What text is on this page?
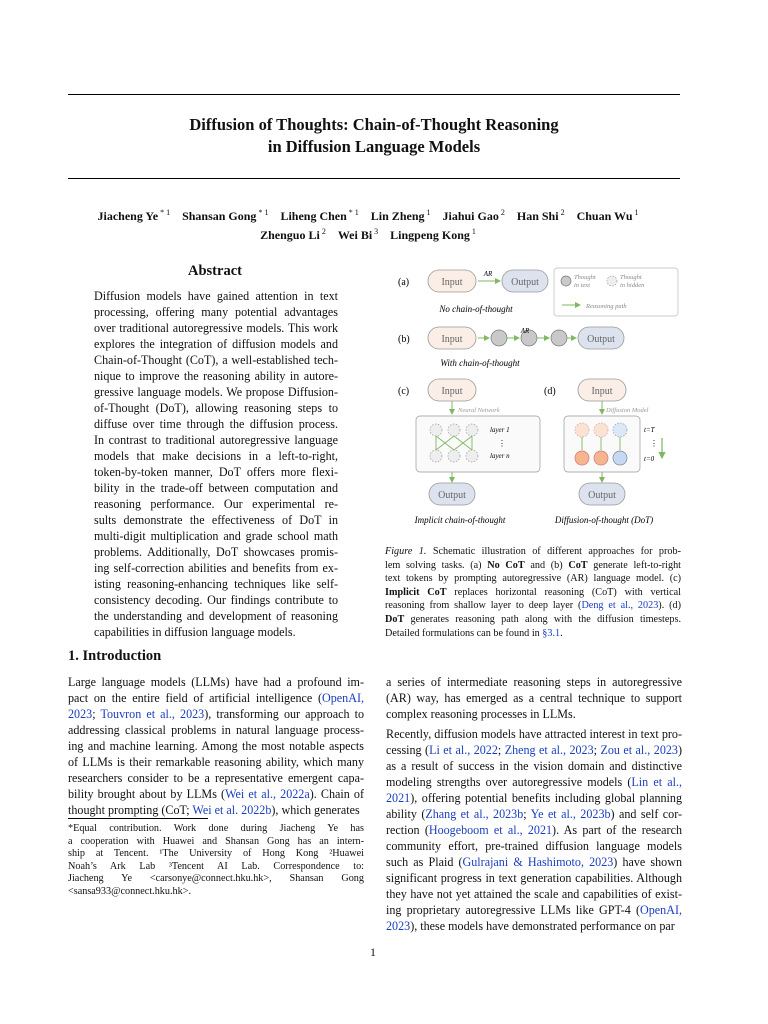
Diffusion of Thoughts: Chain-of-Thought Reasoning
in Diffusion Language Models
Jiacheng Ye $^{* 1}$  Shansan Gong $^{* 1}$  Liheng Chen $^{* 1}$  Lin Zheng $^1$  Jiahui Gao $^2$  Han Shi $^2$  Chuan Wu $^1$ 
Zhenguo Li $^2$  Wei Bi $^3$  Lingpeng Kong $^1$ 
Abstract
Diffusion models have gained attention in text
processing, offering many potential advantages
over traditional autoregressive models. This work
explores the integration of diffusion models and
Chain-of-Thought (CoT), a well-established tech-
nique to improve the reasoning ability in autore-
gressive language models. We propose Diffusion-
of-Thought (DoT), allowing reasoning steps to
diffuse over time through the diffusion process.
In contrast to traditional autoregressive language
models that make decisions in a left-to-right,
token-by-token manner, DoT offers more flexi-
bility in the trade-off between computation and
reasoning performance. Our experimental re-
sults demonstrate the effectiveness of DoT in
multi-digit multiplication and grade school math
problems. Additionally, DoT showcases promis-
ing self-correction abilities and benefits from ex-
isting reasoning-enhancing techniques like self-
consistency decoding. Our findings contribute to
the understanding and development of reasoning
capabilities in diffusion language models.
(a)	Input
AR
Output
No chain-of-thought
Thought
in text
Thought
in hidden
Reasoning path
(b)	Input
AR
Output
With chain-of-thought
(c)	Input
Neural Network
layer 1
⋮
layer n
Output
Implicit chain-of-thought
(d)	Input
Diffusion Model
t=T
⋮
t=0
Output
Diffusion-of-thought (DoT)
Figure 1. Schematic illustration of different approaches for prob-
lem solving tasks. (a) No CoT and (b) CoT generate left-to-right
text tokens by prompting autoregressive (AR) language model. (c)
Implicit CoT replaces horizontal reasoning (CoT) with vertical
reasoning from shallow layer to deep layer (Deng et al., 2023). (d)
DoT generates reasoning path along with the diffusion timesteps.
Detailed formulations can be found in §3.1.
1. Introduction
Large language models (LLMs) have had a profound im-
pact on the entire field of artificial intelligence (OpenAI,
2023; Touvron et al., 2023), transforming our approach to
addressing classical problems in natural language process-
ing and machine learning. Among the most notable aspects
of LLMs is their remarkable reasoning ability, which many
researchers consider to be a representative emergent capa-
bility brought about by LLMs (Wei et al., 2022a). Chain of
thought prompting (CoT; Wei et al. 2022b), which generates
a series of intermediate reasoning steps in autoregressive
(AR) way, has emerged as a central technique to support
complex reasoning processes in LLMs.
Recently, diffusion models have attracted interest in text pro-
cessing (Li et al., 2022; Zheng et al., 2023; Zou et al., 2023)
as a result of success in the vision domain and distinctive
modeling strengths over autoregressive models (Lin et al.,
2021), offering potential benefits including global planning
ability (Zhang et al., 2023b; Ye et al., 2023b) and self cor-
rection (Hoogeboom et al., 2021). As part of the research
community effort, pre-trained diffusion language models
such as Plaid (Gulrajani & Hashimoto, 2023) have shown
significant progress in text generation capabilities. Although
they have not yet attained the scale and capabilities of exist-
ing proprietary autoregressive LLMs like GPT-4 (OpenAI,
2023), these models have demonstrated performance on par
*Equal contribution. Work done during Jiacheng Ye has
a cooperation with Huawei and Shansan Gong has an intern-
ship at Tencent. ¹The University of Hong Kong ²Huawei
Noah’s Ark Lab ³Tencent AI Lab. Correspondence to:
Jiacheng Ye <carsonye@connect.hku.hk>, Shansan Gong
<sansa933@connect.hku.hk>.
1
